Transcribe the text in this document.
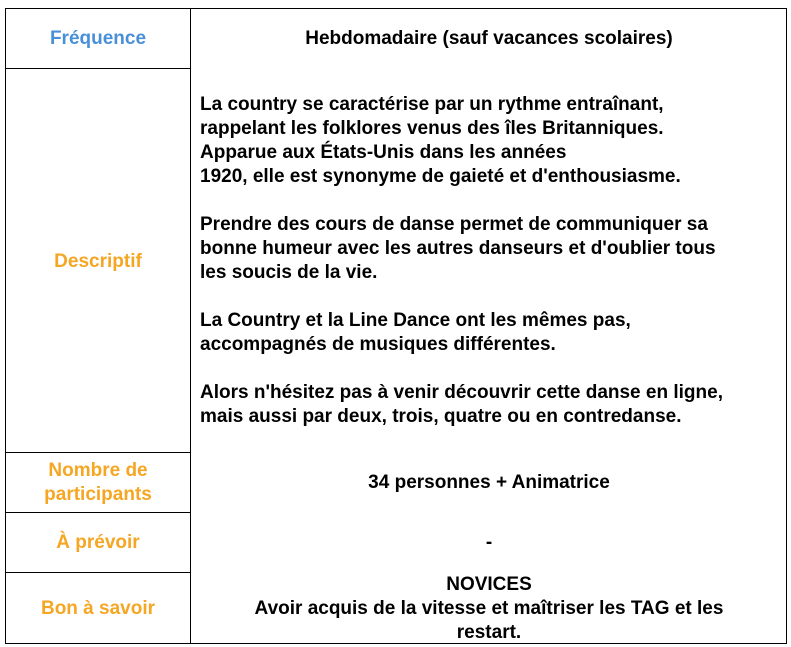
Fréquence	Hebdomadaire (sauf vacances scolaires)
Descriptif

La country se caractérise par un rythme entraînant,
rappelant les folklores venus des îles Britanniques.
Apparue aux États-Unis dans les années
1920, elle est synonyme de gaieté et d'enthousiasme.

Prendre des cours de danse permet de communiquer sa
bonne humeur avec les autres danseurs et d'oublier tous
les soucis de la vie.

La Country et la Line Dance ont les mêmes pas,
accompagnés de musiques différentes.

Alors n'hésitez pas à venir découvrir cette danse en ligne,
mais aussi par deux, trois, quatre ou en contredanse.

Nombre de
participants
34 personnes + Animatrice
À prévoir	-
Bon à savoir
NOVICES
Avoir acquis de la vitesse et maîtriser les TAG et les
restart.
